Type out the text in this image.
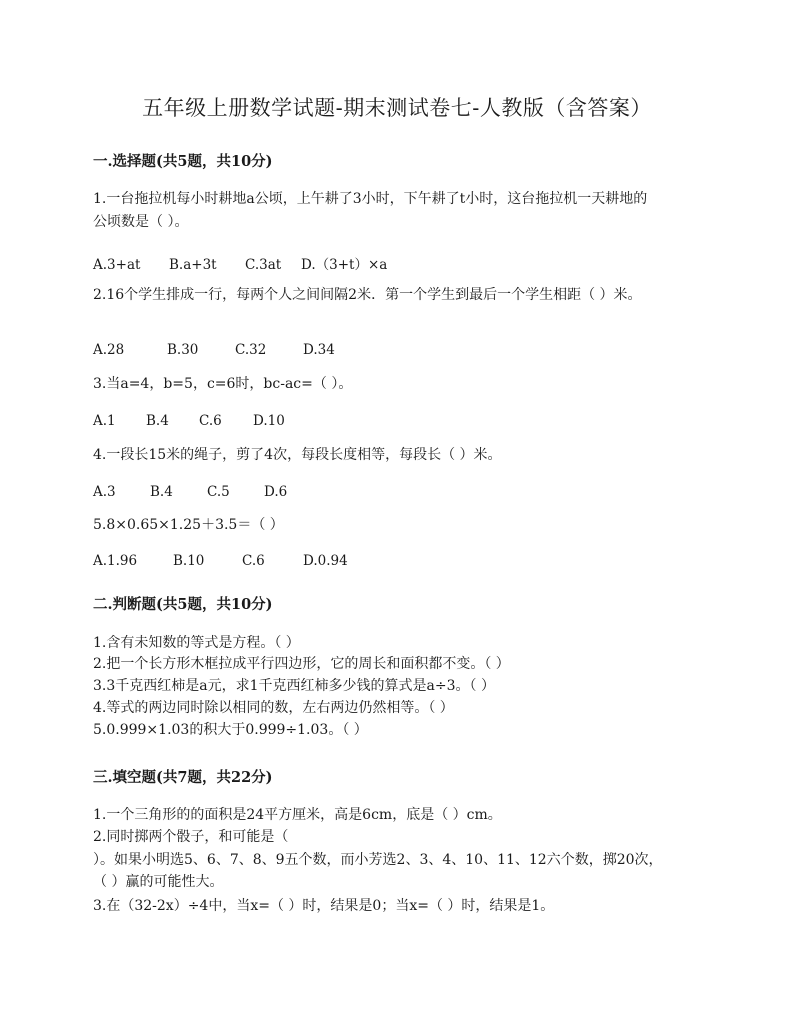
五年级上册数学试题-期末测试卷七-人教版（含答案）
一.选择题(共5题，共10分)
1.一台拖拉机每小时耕地a公顷，上午耕了3小时，下午耕了t小时，这台拖拉机一天耕地的
公顷数是（ ）。
A.3+at B.a+3t C.3at D.（3+t）×a
2.16个学生排成一行，每两个人之间间隔2米．第一个学生到最后一个学生相距（ ）米。
A.28	B.30	C.32	D.34
3.当a=4，b=5，c=6时，bc-ac=（ ）。
A.1 B.4 C.6 D.10
4.一段长15米的绳子，剪了4次，每段长度相等，每段长（ ）米。
A.3	B.4	C.5	D.6
5.8×0.65×1.25＋3.5＝（ ）
A.1.96	B.10	C.6	D.0.94
二.判断题(共5题，共10分)
1.含有未知数的等式是方程。（ ）
2.把一个长方形木框拉成平行四边形，它的周长和面积都不变。（ ）
3.3千克西红柿是a元，求1千克西红柿多少钱的算式是a÷3。（ ）
4.等式的两边同时除以相同的数，左右两边仍然相等。（ ）
5.0.999×1.03的积大于0.999÷1.03。（ ）
三.填空题(共7题，共22分)
1.一个三角形的的面积是24平方厘米，高是6cm，底是（ ）cm。
2.同时掷两个骰子，和可能是（
）。如果小明选5、6、7、8、9五个数，而小芳选2、3、4、10、11、12六个数，掷20次，
（ ）赢的可能性大。
3.在（32-2x）÷4中，当x=（ ）时，结果是0；当x=（ ）时，结果是1。
